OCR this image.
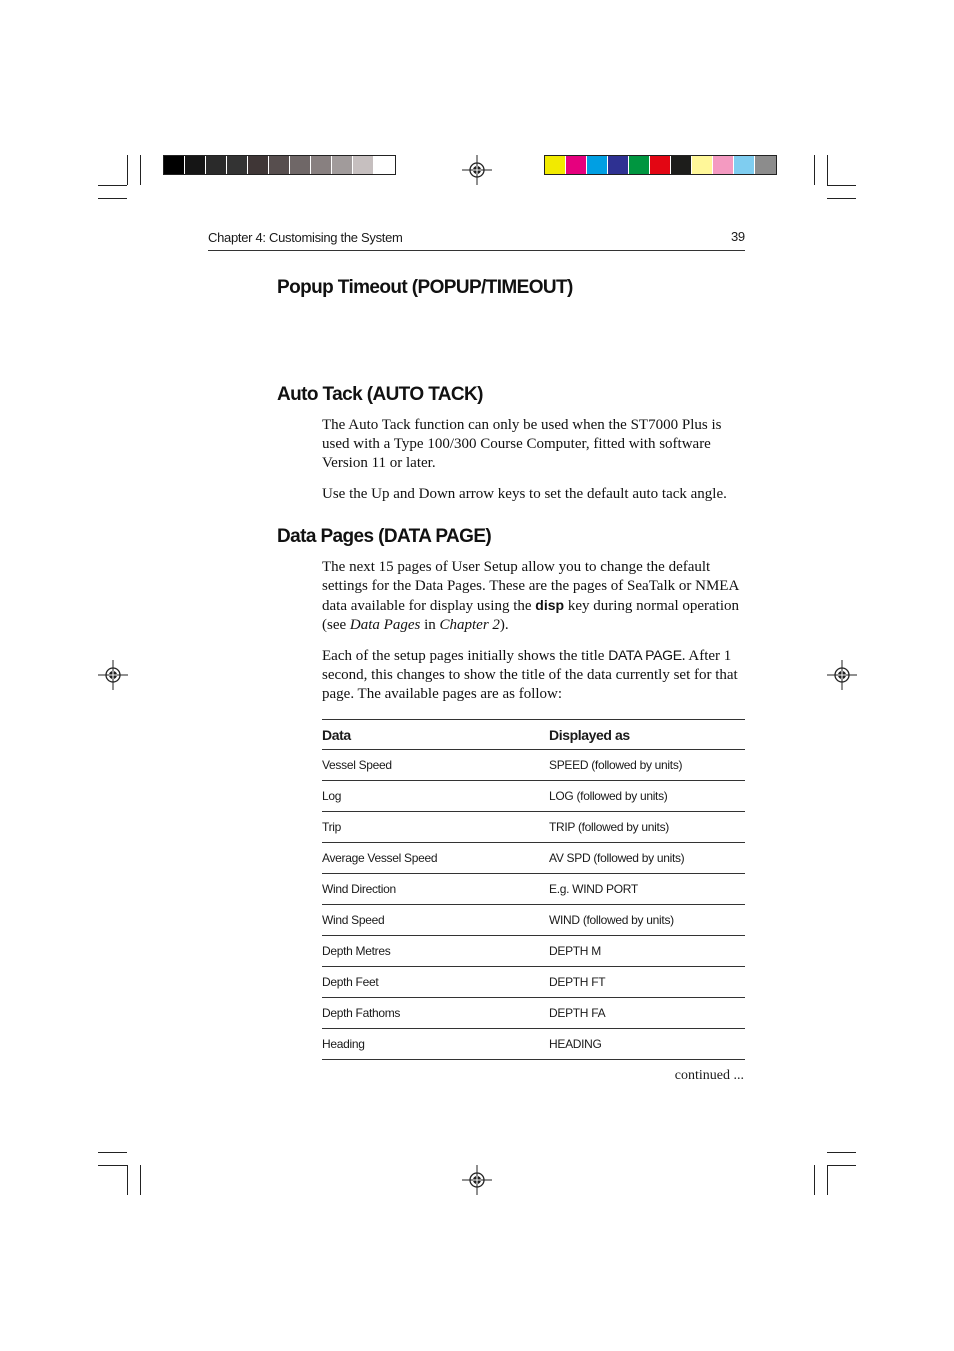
Chapter 4: Customising the System	39
Popup Timeout (POPUP/TIMEOUT)
Auto Tack (AUTO TACK)

The Auto Tack function can only be used when the ST7000 Plus is used with a Type 100/300 Course Computer, fitted with software Version 11 or later.

Use the Up and Down arrow keys to set the default auto tack angle.

Data Pages (DATA PAGE)

The next 15 pages of User Setup allow you to change the default settings for the Data Pages. These are the pages of SeaTalk or NMEA data available for display using the disp key during normal operation (see Data Pages in Chapter 2).

Each of the setup pages initially shows the title DATA PAGE. After 1 second, this changes to show the title of the data currently set for that page. The available pages are as follow:

Data	Displayed as
Vessel Speed	SPEED (followed by units)
Log	LOG (followed by units)
Trip	TRIP (followed by units)
Average Vessel Speed	AV SPD (followed by units)
Wind Direction	E.g. WIND PORT
Wind Speed	WIND (followed by units)
Depth Metres	DEPTH M
Depth Feet	DEPTH FT
Depth Fathoms	DEPTH FA
Heading	HEADING
continued ...
